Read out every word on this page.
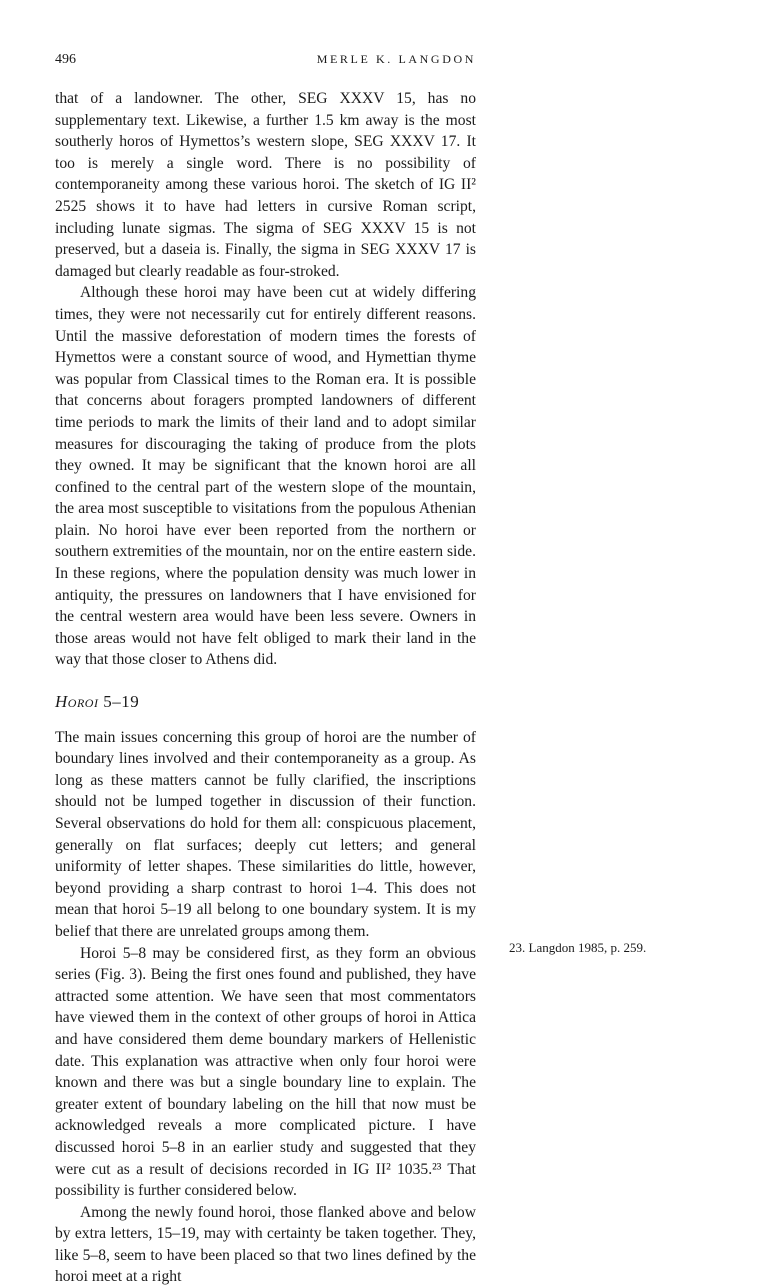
496	MERLE K. LANGDON

that of a landowner. The other, SEG XXXV 15, has no supplementary text. Likewise, a further 1.5 km away is the most southerly horos of Hymettos’s western slope, SEG XXXV 17. It too is merely a single word. There is no possibility of contemporaneity among these various horoi. The sketch of IG II² 2525 shows it to have had letters in cursive Roman script, including lunate sigmas. The sigma of SEG XXXV 15 is not preserved, but a daseia is. Finally, the sigma in SEG XXXV 17 is damaged but clearly readable as four-stroked.

Although these horoi may have been cut at widely differing times, they were not necessarily cut for entirely different reasons. Until the massive deforestation of modern times the forests of Hymettos were a constant source of wood, and Hymettian thyme was popular from Classical times to the Roman era. It is possible that concerns about foragers prompted landowners of different time periods to mark the limits of their land and to adopt similar measures for discouraging the taking of produce from the plots they owned. It may be significant that the known horoi are all confined to the central part of the western slope of the mountain, the area most susceptible to visitations from the populous Athenian plain. No horoi have ever been reported from the northern or southern extremities of the mountain, nor on the entire eastern side. In these regions, where the population density was much lower in antiquity, the pressures on landowners that I have envisioned for the central western area would have been less severe. Owners in those areas would not have felt obliged to mark their land in the way that those closer to Athens did.

Horoi 5–19

The main issues concerning this group of horoi are the number of boundary lines involved and their contemporaneity as a group. As long as these matters cannot be fully clarified, the inscriptions should not be lumped together in discussion of their function. Several observations do hold for them all: conspicuous placement, generally on flat surfaces; deeply cut letters; and general uniformity of letter shapes. These similarities do little, however, beyond providing a sharp contrast to horoi 1–4. This does not mean that horoi 5–19 all belong to one boundary system. It is my belief that there are unrelated groups among them.

Horoi 5–8 may be considered first, as they form an obvious series (Fig. 3). Being the first ones found and published, they have attracted some attention. We have seen that most commentators have viewed them in the context of other groups of horoi in Attica and have considered them deme boundary markers of Hellenistic date. This explanation was attractive when only four horoi were known and there was but a single boundary line to explain. The greater extent of boundary labeling on the hill that now must be acknowledged reveals a more complicated picture. I have discussed horoi 5–8 in an earlier study and suggested that they were cut as a result of decisions recorded in IG II² 1035.²³ That possibility is further considered below.

Among the newly found horoi, those flanked above and below by extra letters, 15–19, may with certainty be taken together. They, like 5–8, seem to have been placed so that two lines defined by the horoi meet at a right

23. Langdon 1985, p. 259.
